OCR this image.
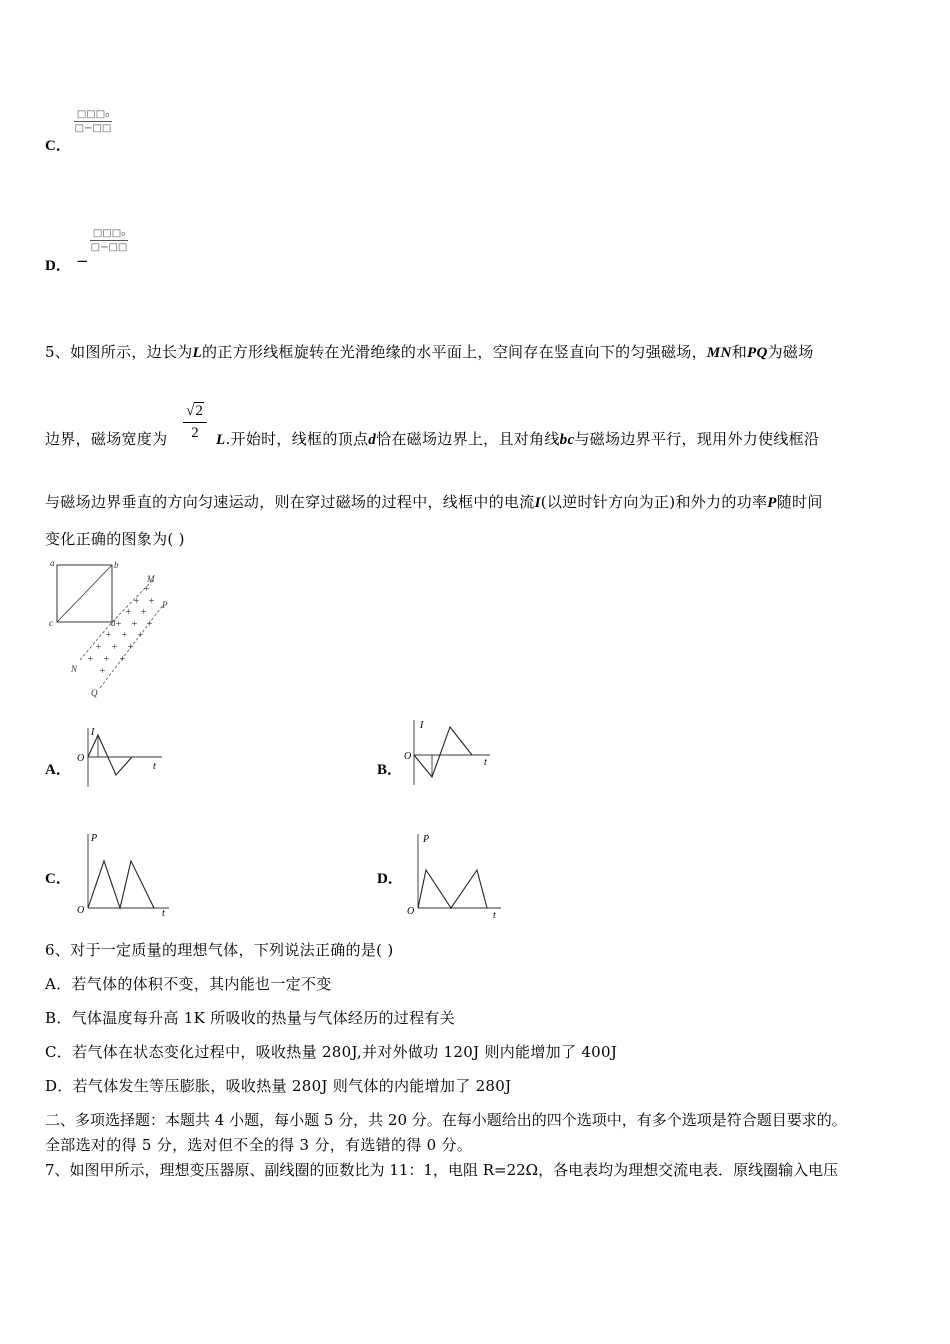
C．
□□□₀
□−□□
D． −
□□□₀
□−□□
5、如图所示，边长为L的正方形线框旋转在光滑绝缘的水平面上，空间存在竖直向下的匀强磁场，MN和PQ为磁场
边界，磁场宽度为
√2
2	L.开始时，线框的顶点d恰在磁场边界上，且对角线bc与磁场边界平行，现用外力使线框沿
与磁场边界垂直的方向匀速运动，则在穿过磁场的过程中，线框中的电流I(以逆时针方向为正)和外力的功率P随时间
变化正确的图象为( )
+
+ +
+ +
+ + +
+ + +
+ + +
+ + +
+
a	b
c	d
M
N
P
Q
A．
I
O
t	B．
I
O
t
C．
P
O	t
D．
P
O	t
6、对于一定质量的理想气体，下列说法正确的是( )
A．若气体的体积不变，其内能也一定不变
B．气体温度每升高 1K 所吸收的热量与气体经历的过程有关
C．若气体在状态变化过程中，吸收热量 280J,并对外做功 120J 则内能增加了 400J
D．若气体发生等压膨胀，吸收热量 280J 则气体的内能增加了 280J
二、多项选择题：本题共 4 小题，每小题 5 分，共 20 分。在每小题给出的四个选项中，有多个选项是符合题目要求的。
全部选对的得 5 分，选对但不全的得 3 分，有选错的得 0 分。
7、如图甲所示，理想变压器原、副线圈的匝数比为 11：1，电阻 R=22Ω，各电表均为理想交流电表．原线圈输入电压
